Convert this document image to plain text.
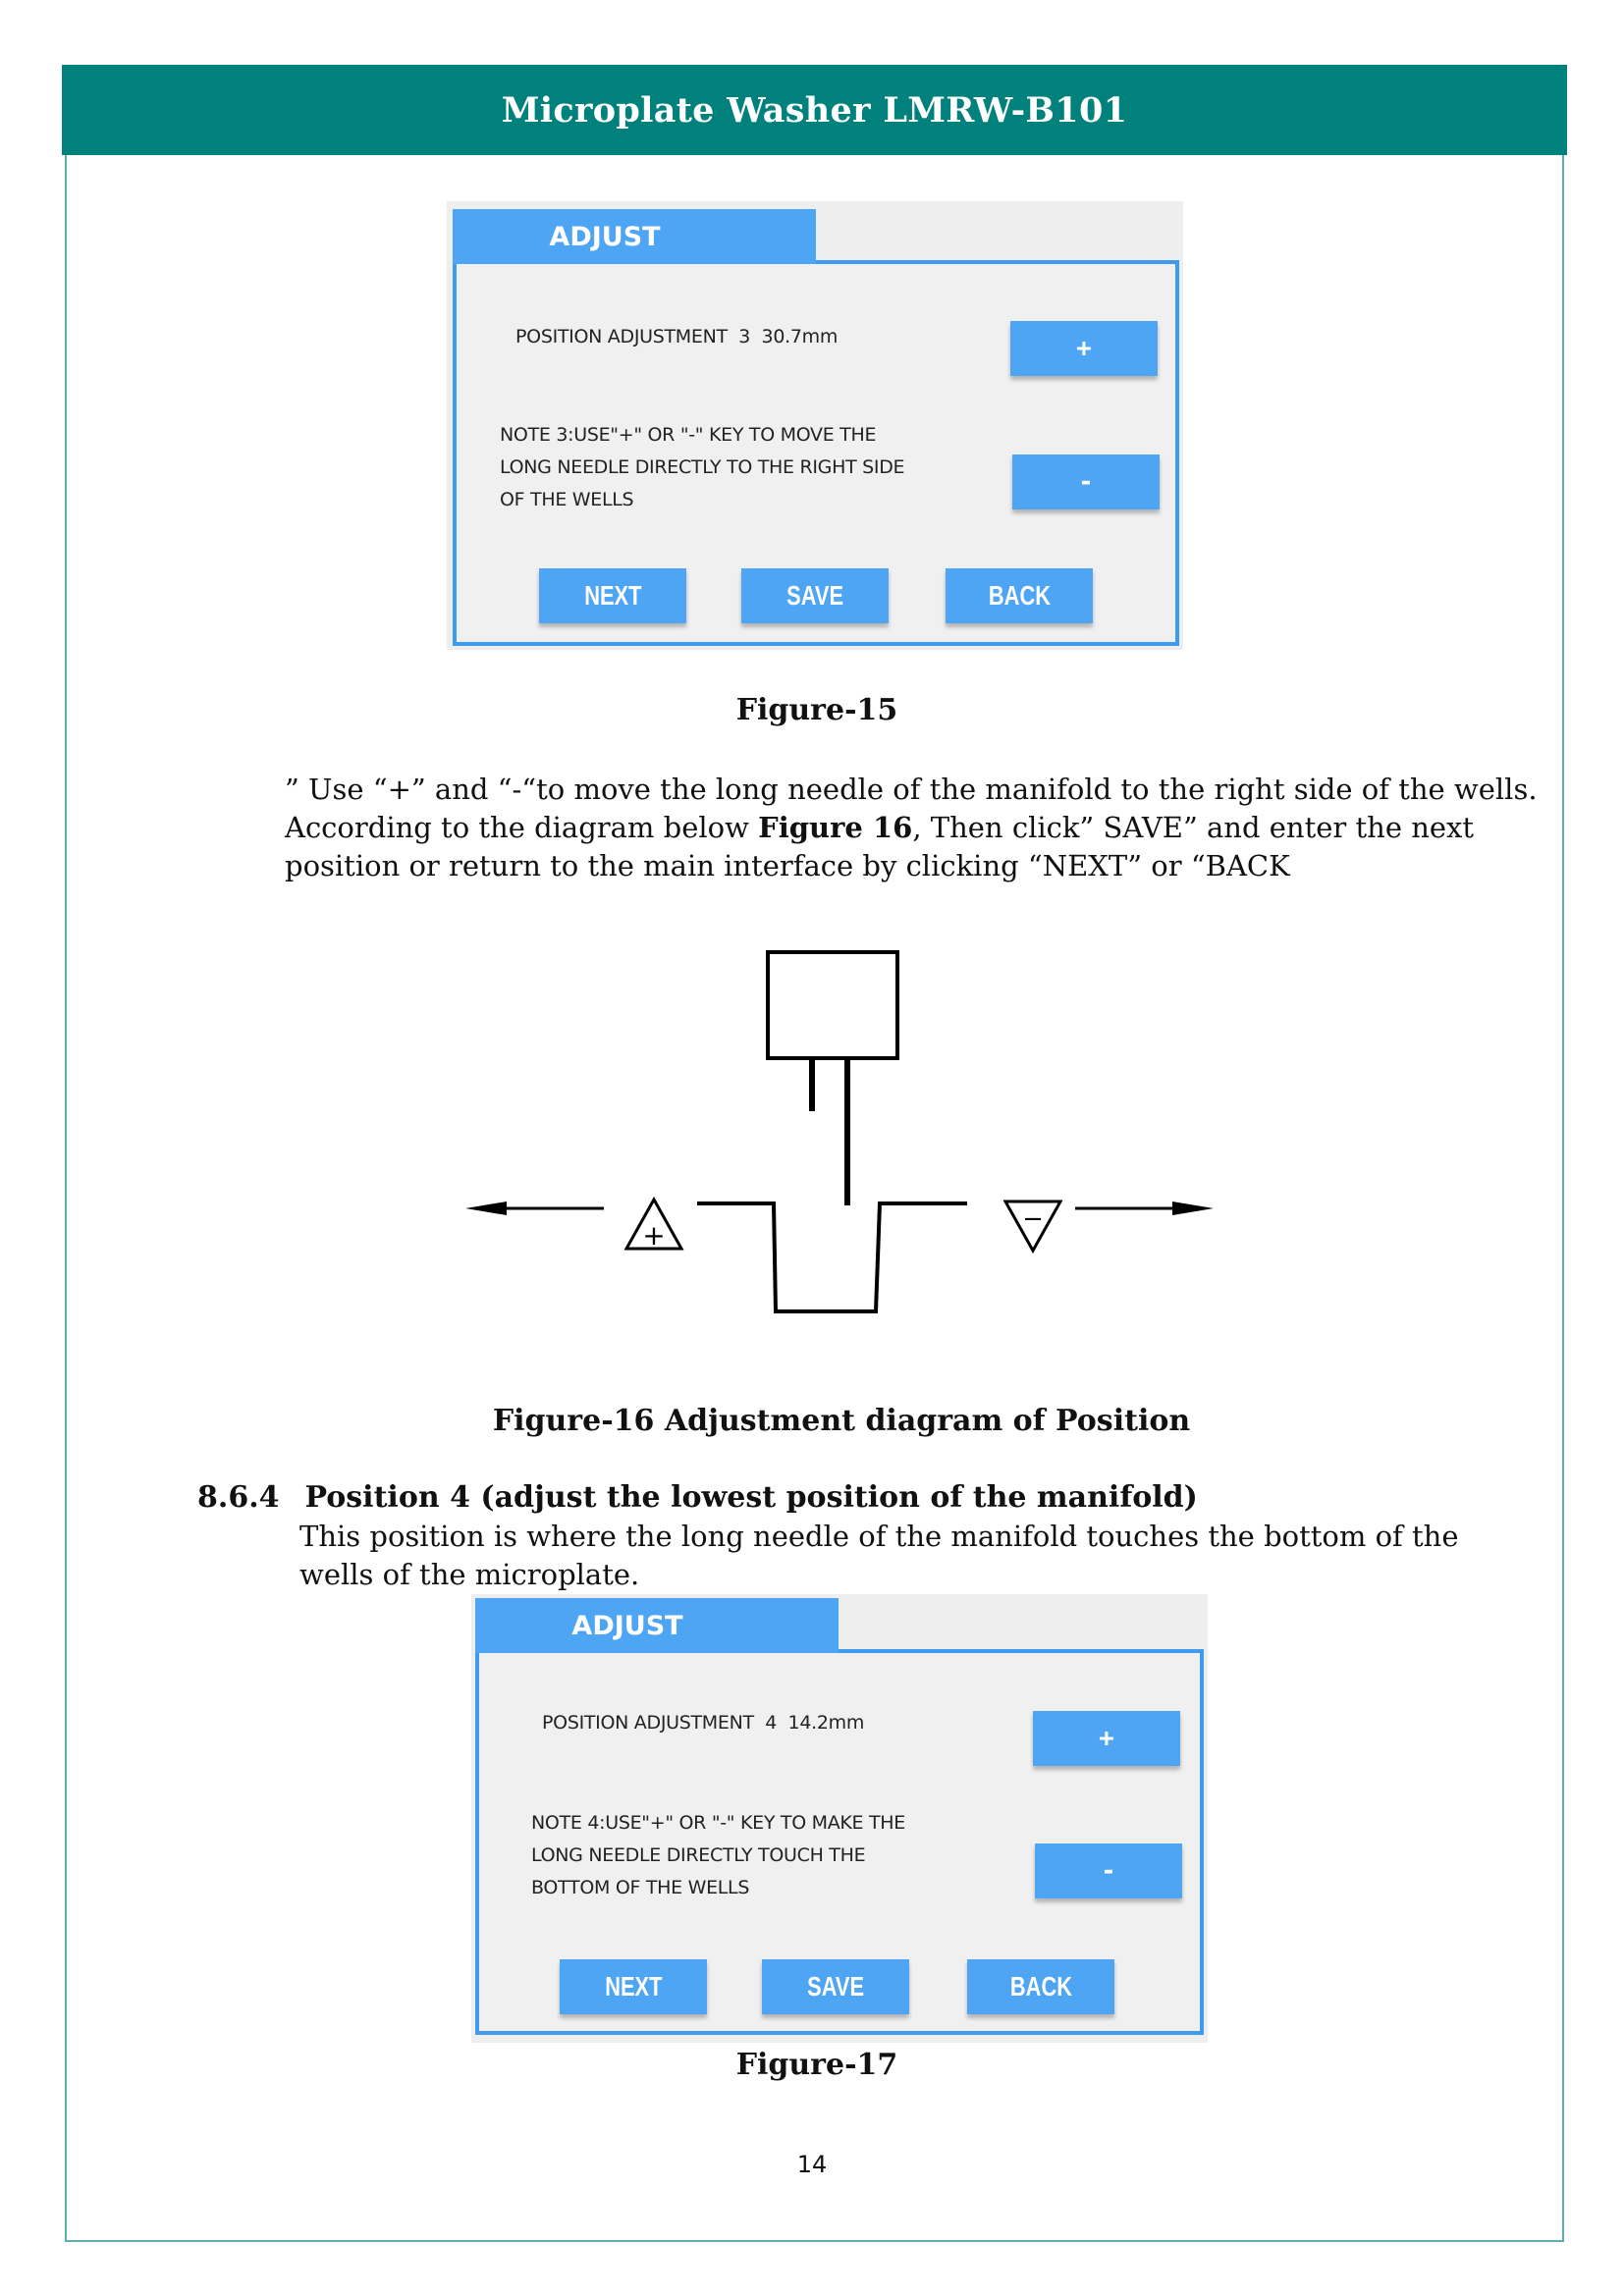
Microplate Washer LMRW-B101
ADJUST
POSITION ADJUSTMENT  3  30.7mm
NOTE 3:USE"+" OR "-" KEY TO MOVE THE
LONG NEEDLE DIRECTLY TO THE RIGHT SIDE
OF THE WELLS
+
-
NEXT	SAVE	BACK
Figure-15
” Use “+” and “-“to move the long needle of the manifold to the right side of the wells.
According to the diagram below Figure 16, Then click” SAVE” and enter the next
position or return to the main interface by clicking “NEXT” or “BACK
+	−
Figure-16 Adjustment diagram of Position
8.6.4 Position 4 (adjust the lowest position of the manifold)
This position is where the long needle of the manifold touches the bottom of the
wells of the microplate.
ADJUST
POSITION ADJUSTMENT  4  14.2mm
NOTE 4:USE"+" OR "-" KEY TO MAKE THE
LONG NEEDLE DIRECTLY TOUCH THE
BOTTOM OF THE WELLS
+
-
NEXT	SAVE	BACK
Figure-17
14
